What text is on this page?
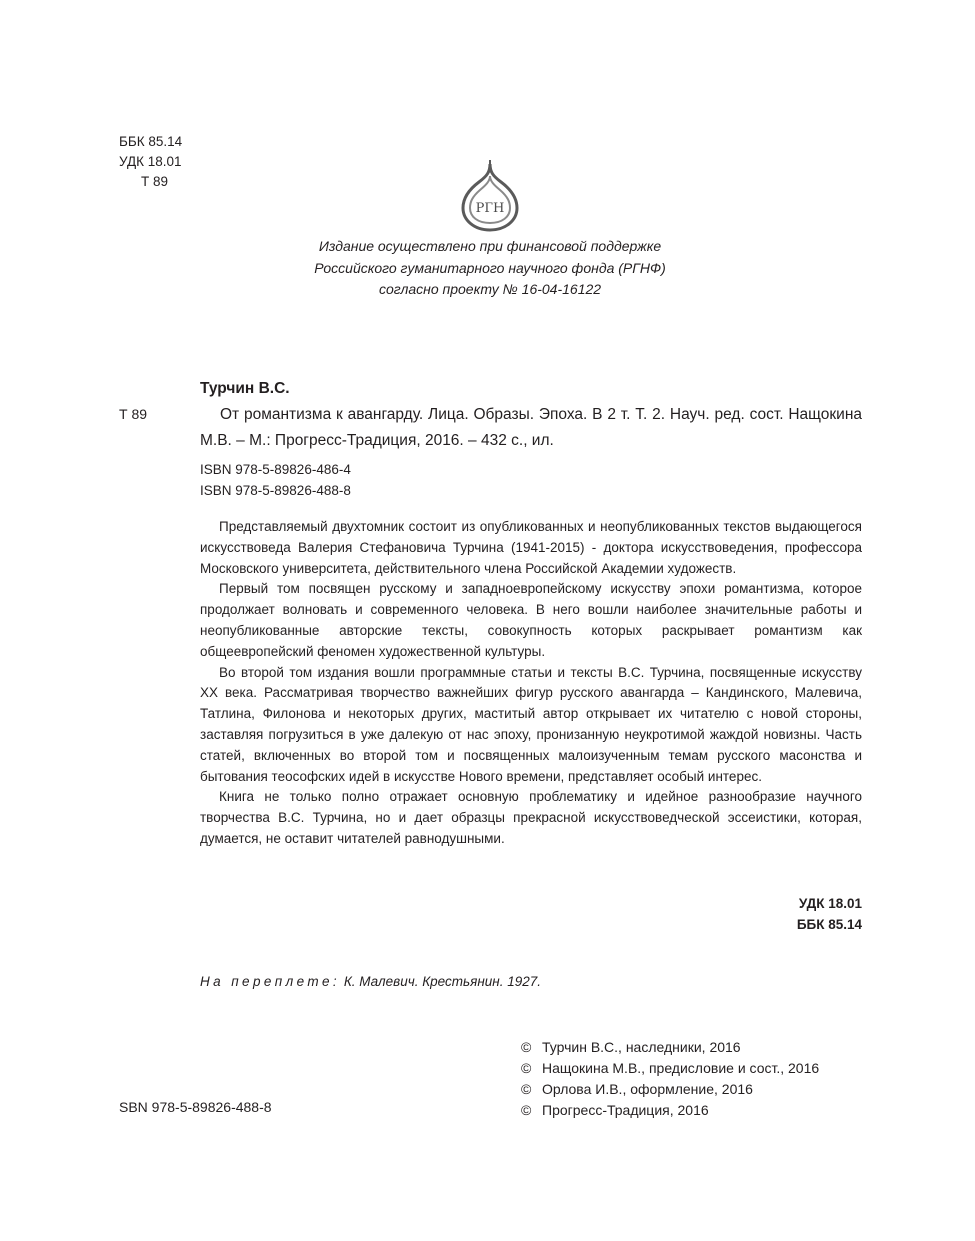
ББК 85.14
УДК 18.01
Т 89
РГН
Издание осуществлено при финансовой поддержке
Российского гуманитарного научного фонда (РГНФ)
согласно проекту № 16-04-16122
Турчин В.С.
Т 89	От романтизма к авангарду. Лица. Образы. Эпоха. В 2 т. Т. 2. Науч. ред. сост. Нащокина М.В. – М.: Прогресс-Традиция, 2016. – 432 с., ил.
ISBN 978-5-89826-486-4
ISBN 978-5-89826-488-8

Представляемый двухтомник состоит из опубликованных и неопубликованных текстов выдающегося искусствоведа Валерия Стефановича Турчина (1941-2015) - доктора искусствоведения, профессора Московского университета, действительного члена Российской Академии художеств.

Первый том посвящен русскому и западноевропейскому искусству эпохи романтизма, которое продолжает волновать и современного человека. В него вошли наиболее значительные работы и неопубликованные авторские тексты, совокупность которых раскрывает романтизм как общеевропейский феномен художественной культуры.

Во второй том издания вошли программные статьи и тексты В.С. Турчина, посвященные искусству XX века. Рассматривая творчество важнейших фигур русского авангарда – Кандинского, Малевича, Татлина, Филонова и некоторых других, маститый автор открывает их читателю с новой стороны, заставляя погрузиться в уже далекую от нас эпоху, пронизанную неукротимой жаждой новизны. Часть статей, включенных во второй том и посвященных малоизученным темам русского масонства и бытования теософских идей в искусстве Нового времени, представляет особый интерес.

Книга не только полно отражает основную проблематику и идейное разнообразие научного творчества В.С. Турчина, но и дает образцы прекрасной искусствоведческой эссеистики, которая, думается, не оставит читателей равнодушными.

УДК 18.01
ББК 85.14
На переплете: К. Малевич. Крестьянин. 1927.
© Турчин В.С., наследники, 2016
© Нащокина М.В., предисловие и сост., 2016
© Орлова И.В., оформление, 2016
© Прогресс-Традиция, 2016
SBN 978-5-89826-488-8
